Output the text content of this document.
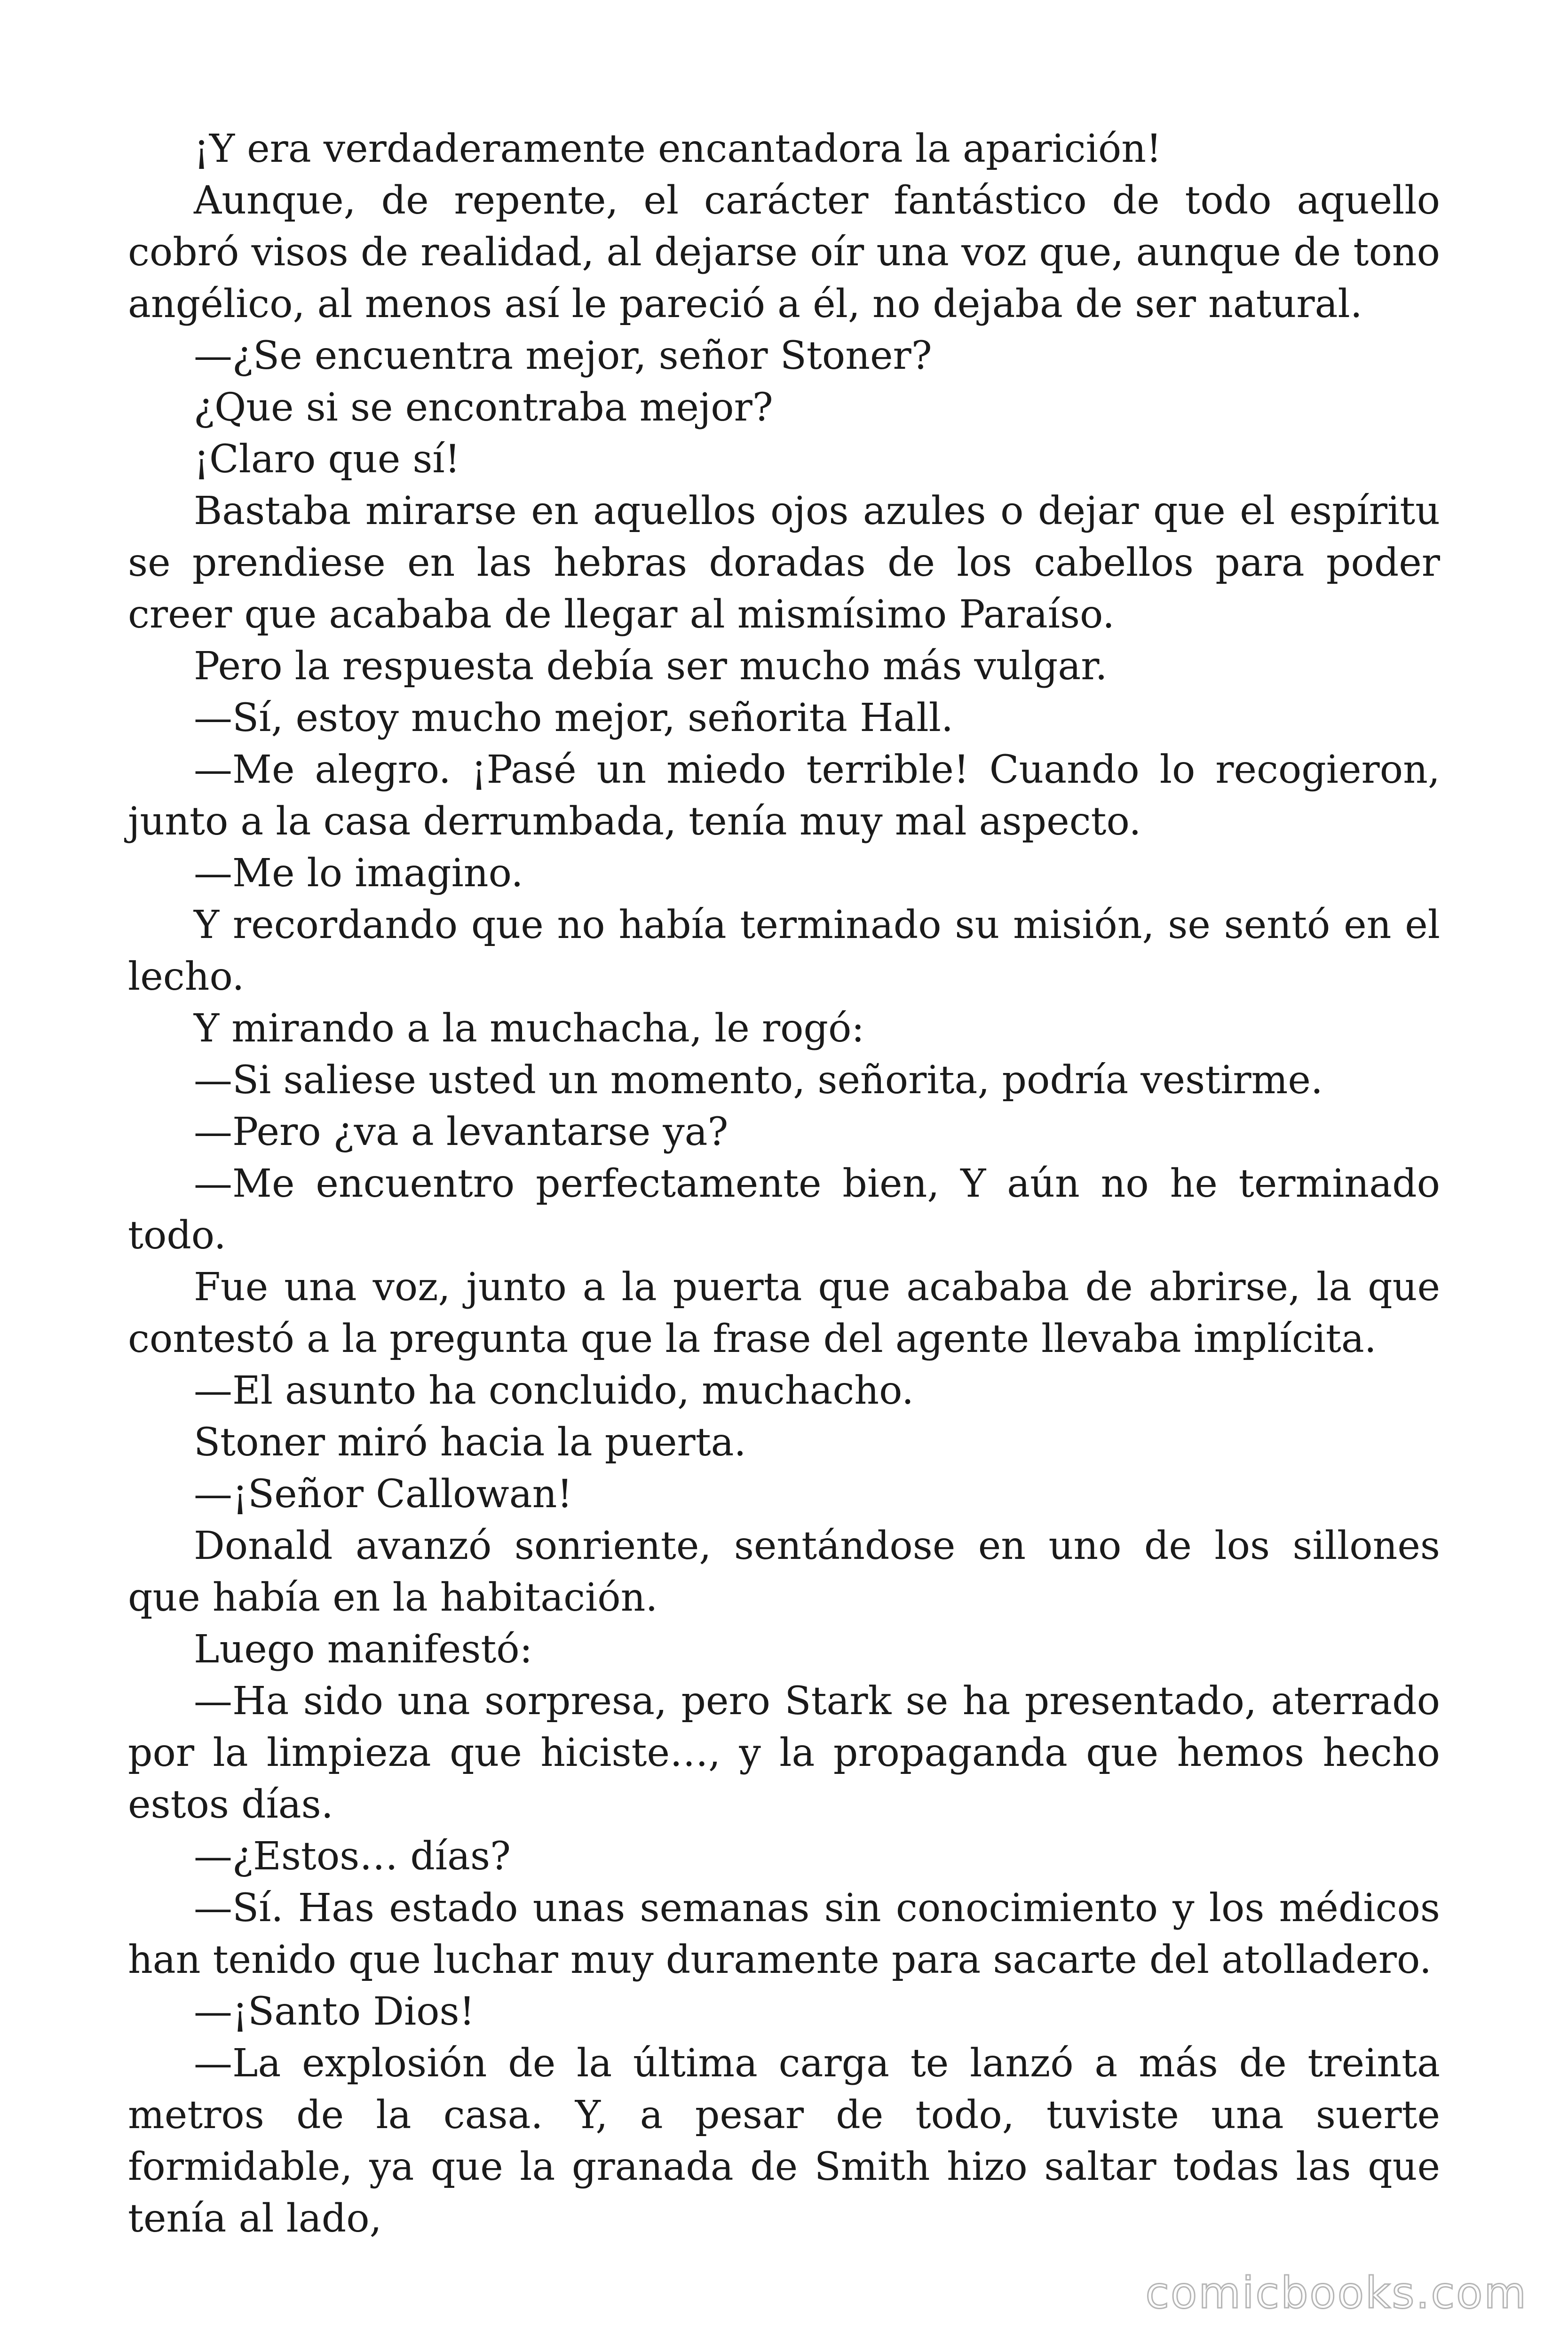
¡Y era verdaderamente encantadora la aparición!

Aunque, de repente, el carácter fantástico de todo aquello cobró visos de realidad, al dejarse oír una voz que, aunque de tono angélico, al menos así le pareció a él, no dejaba de ser natural.

—¿Se encuentra mejor, señor Stoner?

¿Que si se encontraba mejor?

¡Claro que sí!

Bastaba mirarse en aquellos ojos azules o dejar que el espíritu se prendiese en las hebras doradas de los cabellos para poder creer que acababa de llegar al mismísimo Paraíso.

Pero la respuesta debía ser mucho más vulgar.

—Sí, estoy mucho mejor, señorita Hall.

—Me alegro. ¡Pasé un miedo terrible! Cuando lo recogieron, junto a la casa derrumbada, tenía muy mal aspecto.

—Me lo imagino.

Y recordando que no había terminado su misión, se sentó en el lecho.

Y mirando a la muchacha, le rogó:

—Si saliese usted un momento, señorita, podría vestirme.

—Pero ¿va a levantarse ya?

—Me encuentro perfectamente bien, Y aún no he terminado todo.

Fue una voz, junto a la puerta que acababa de abrirse, la que contestó a la pregunta que la frase del agente llevaba implícita.

—El asunto ha concluido, muchacho.

Stoner miró hacia la puerta.

—¡Señor Callowan!

Donald avanzó sonriente, sentándose en uno de los sillones que había en la habitación.

Luego manifestó:

—Ha sido una sorpresa, pero Stark se ha presentado, aterrado por la limpieza que hiciste…, y la propaganda que hemos hecho estos días.

—¿Estos… días?

—Sí. Has estado unas semanas sin conocimiento y los médicos han tenido que luchar muy duramente para sacarte del atolladero.

—¡Santo Dios!

—La explosión de la última carga te lanzó a más de treinta metros de la casa. Y, a pesar de todo, tuviste una suerte formidable, ya que la granada de Smith hizo saltar todas las que tenía al lado,

comicbooks.com
